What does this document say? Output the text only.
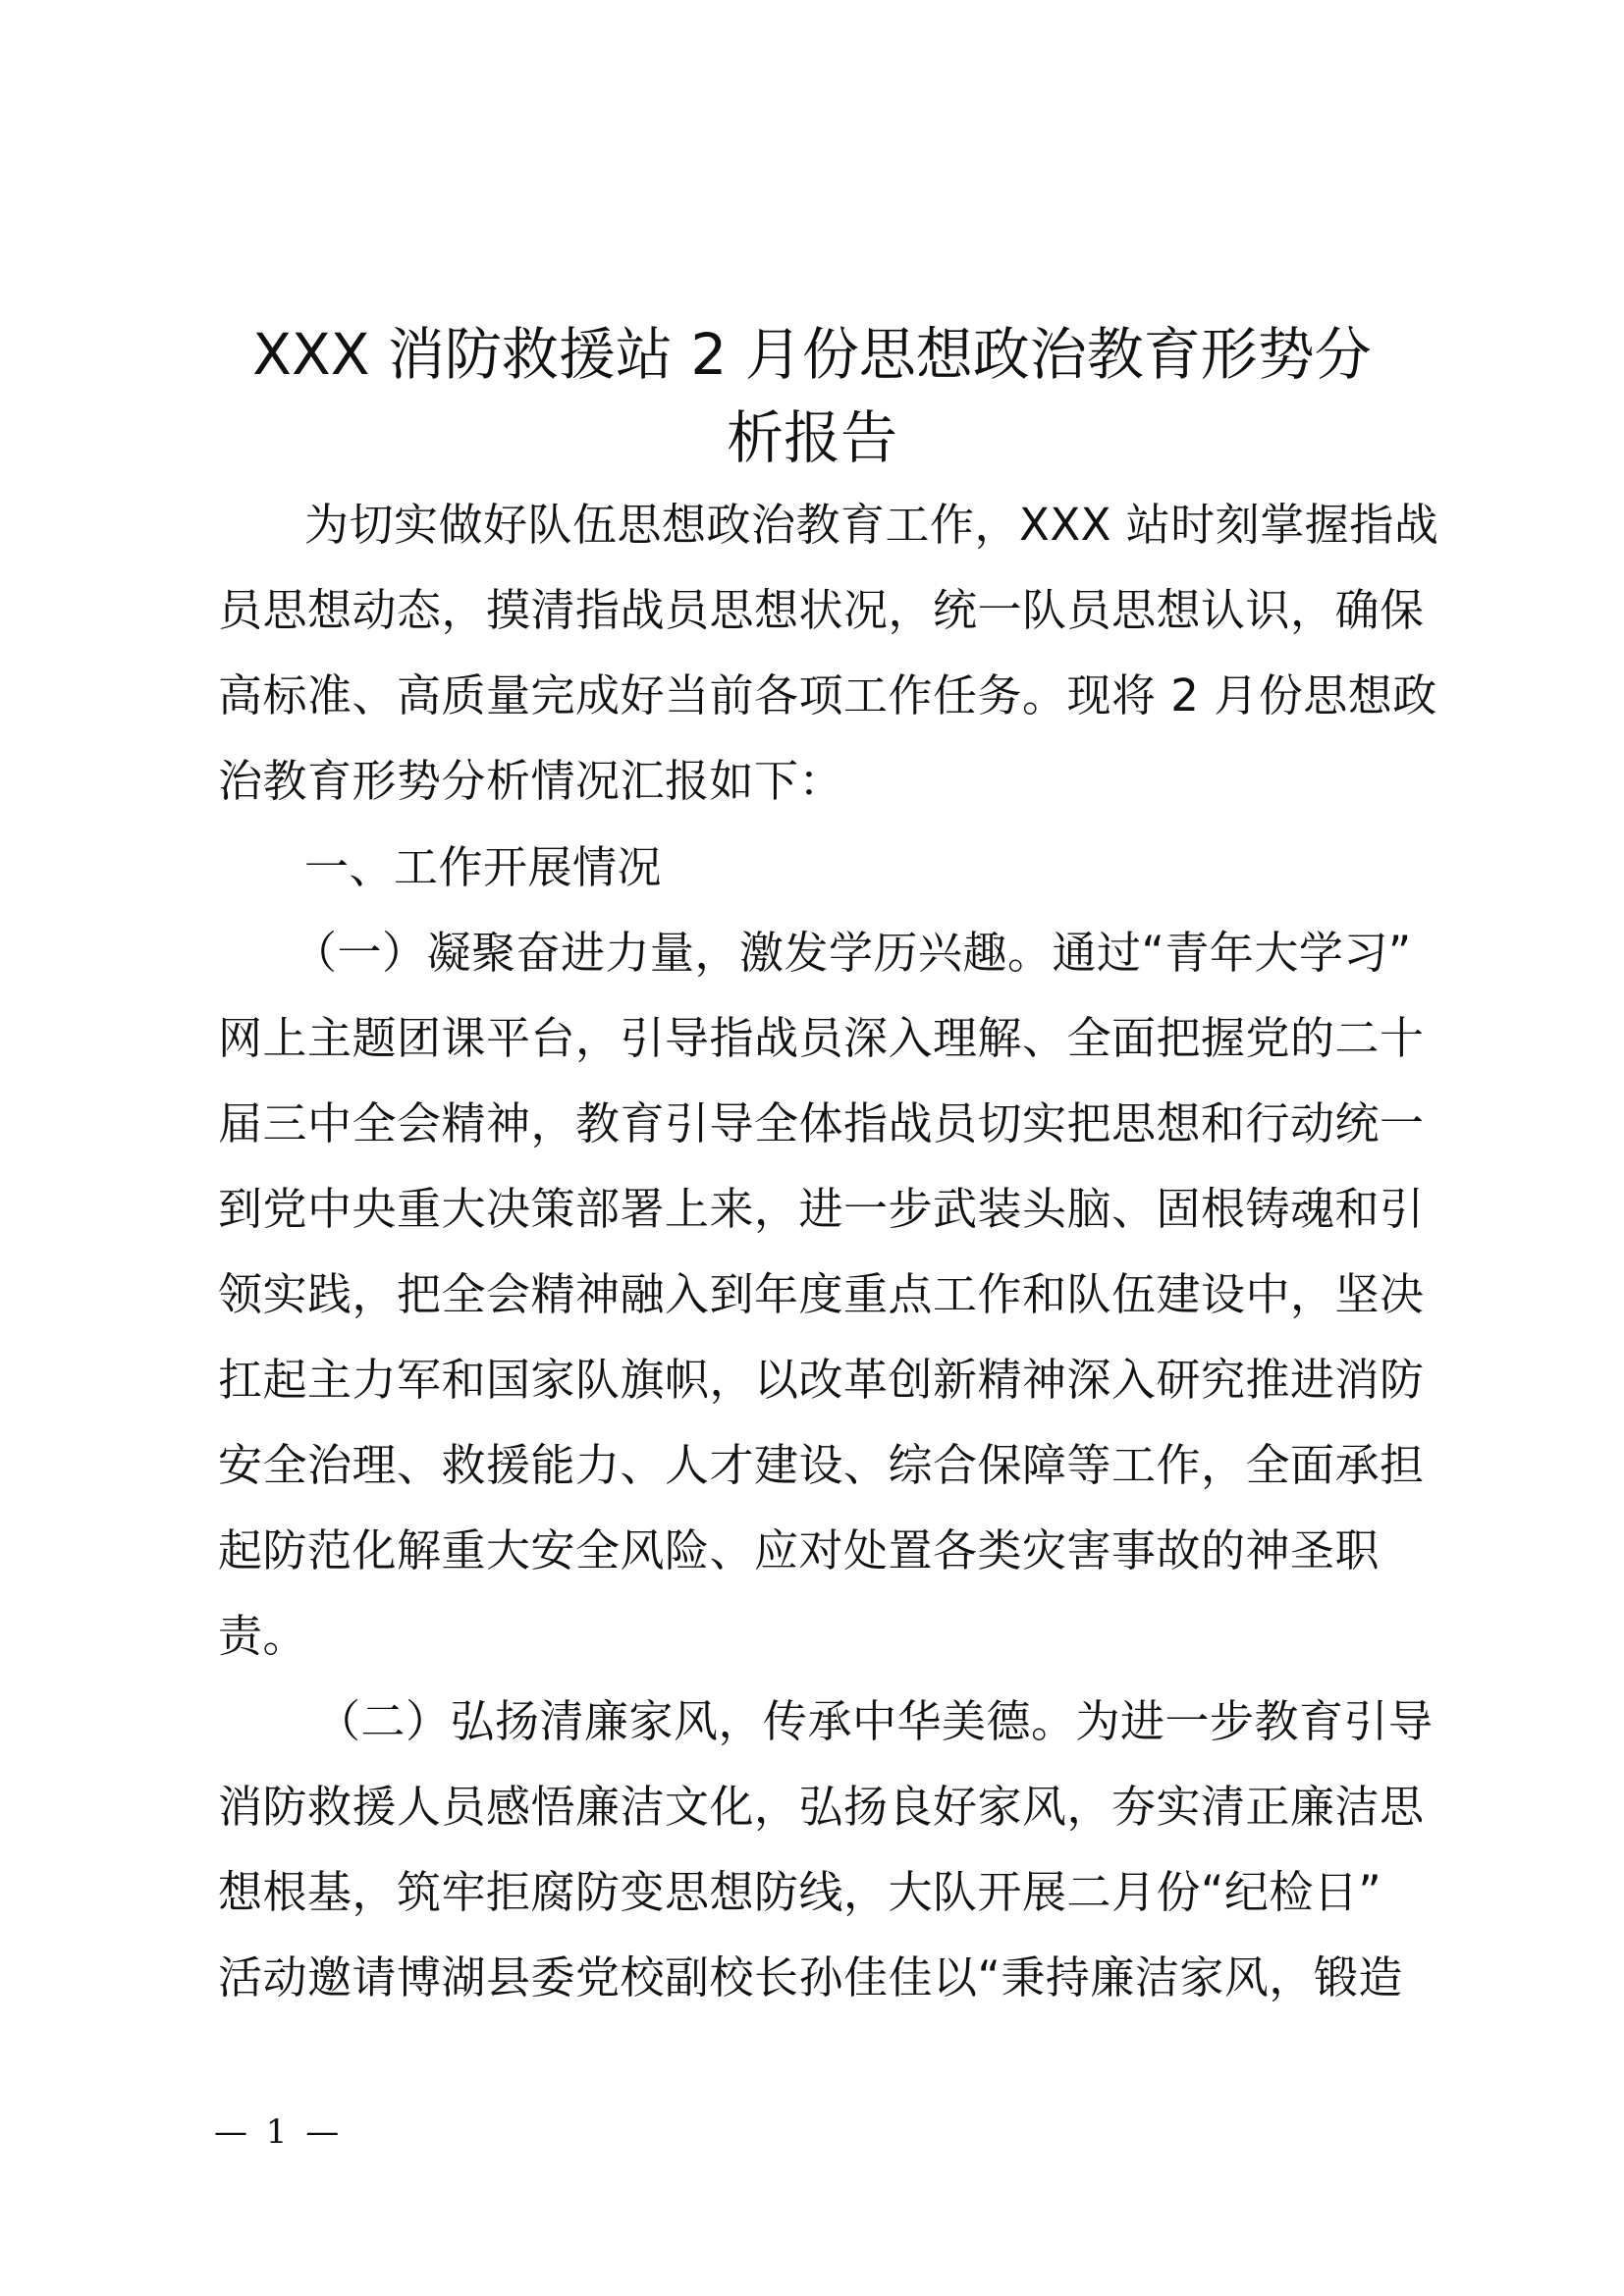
XXX 消防救援站 2 月份思想政治教育形势分
析报告
为切实做好队伍思想政治教育工作，XXX 站时刻掌握指战
员思想动态，摸清指战员思想状况，统一队员思想认识，确保
高标准、高质量完成好当前各项工作任务。现将 2 月份思想政
治教育形势分析情况汇报如下：
一、工作开展情况
（一）凝聚奋进力量，激发学历兴趣。通过“青年大学习”
网上主题团课平台，引导指战员深入理解、全面把握党的二十
届三中全会精神，教育引导全体指战员切实把思想和行动统一
到党中央重大决策部署上来，进一步武装头脑、固根铸魂和引
领实践，把全会精神融入到年度重点工作和队伍建设中，坚决
扛起主力军和国家队旗帜，以改革创新精神深入研究推进消防
安全治理、救援能力、人才建设、综合保障等工作，全面承担
起防范化解重大安全风险、应对处置各类灾害事故的神圣职
责。
（二）弘扬清廉家风，传承中华美德。为进一步教育引导
消防救援人员感悟廉洁文化，弘扬良好家风，夯实清正廉洁思
想根基，筑牢拒腐防变思想防线，大队开展二月份“纪检日”
活动邀请博湖县委党校副校长孙佳佳以“秉持廉洁家风，锻造
— 1 —
